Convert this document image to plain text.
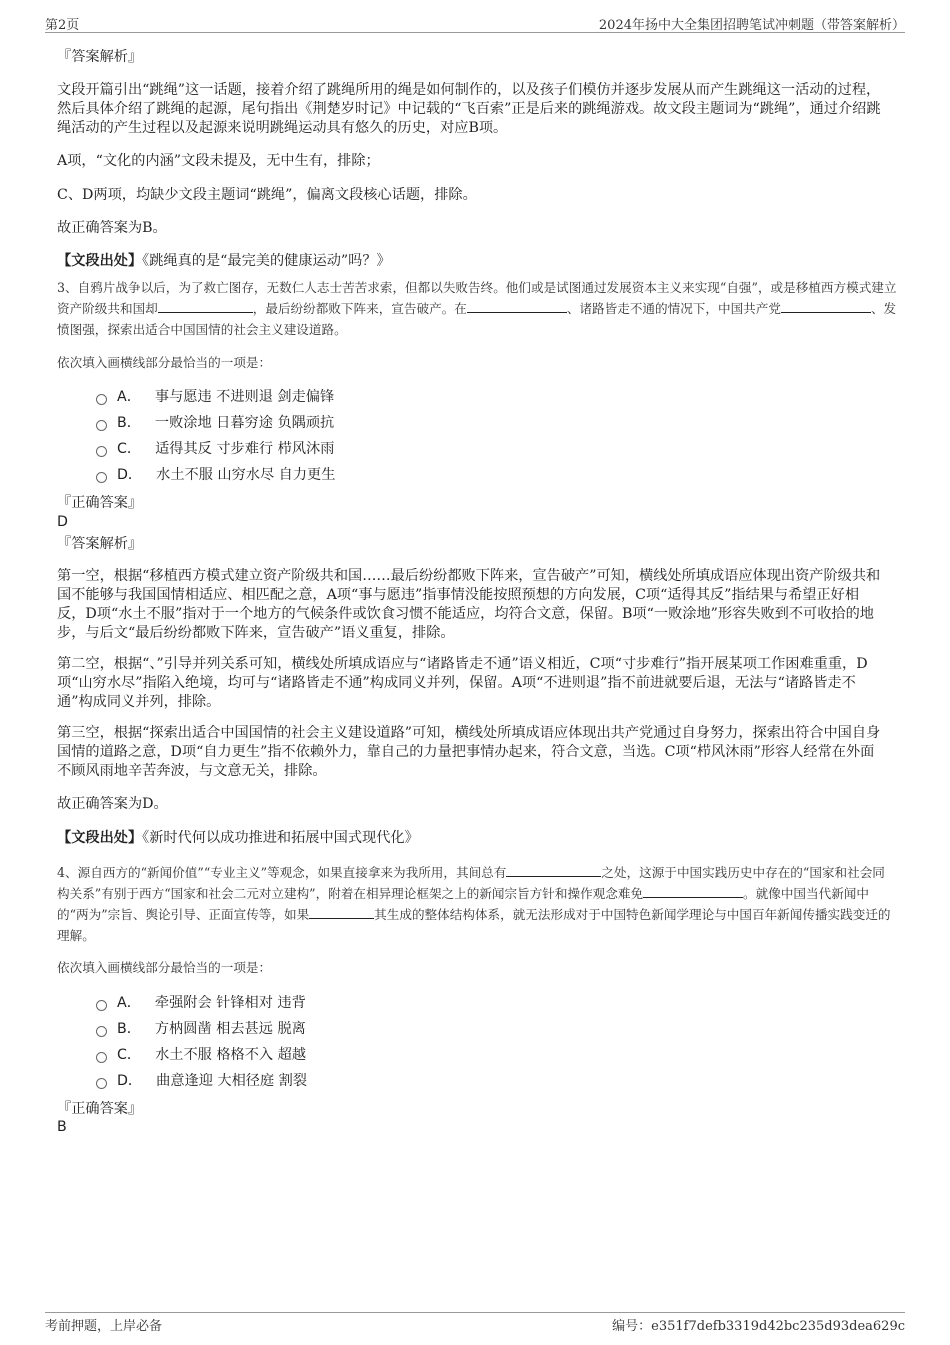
第2页	2024年扬中大全集团招聘笔试冲刺题（带答案解析）
『答案解析』
文段开篇引出“跳绳”这一话题，接着介绍了跳绳所用的绳是如何制作的，以及孩子们模仿并逐步发展从而产生跳绳这一活动的过程，然后具体介绍了跳绳的起源，尾句指出《荆楚岁时记》中记载的“飞百索”正是后来的跳绳游戏。故文段主题词为“跳绳”，通过介绍跳绳活动的产生过程以及起源来说明跳绳运动具有悠久的历史，对应B项。
A项，“文化的内涵”文段未提及，无中生有，排除；
C、D两项，均缺少文段主题词“跳绳”，偏离文段核心话题，排除。
故正确答案为B。
【文段出处】《跳绳真的是“最完美的健康运动”吗？》
3、自鸦片战争以后，为了救亡图存，无数仁人志士苦苦求索，但都以失败告终。他们或是试图通过发展资本主义来实现“自强”，或是移植西方模式建立资产阶级共和国却	，最后纷纷都败下阵来，宣告破产。在	、诸路皆走不通的情况下，中国共产党	、发愤图强，探索出适合中国国情的社会主义建设道路。
依次填入画横线部分最恰当的一项是：
A． 事与愿违 不进则退 剑走偏锋
B． 一败涂地 日暮穷途 负隅顽抗
C． 适得其反 寸步难行 栉风沐雨
D． 水土不服 山穷水尽 自力更生
『正确答案』
D
『答案解析』
第一空，根据“移植西方模式建立资产阶级共和国……最后纷纷都败下阵来，宣告破产”可知，横线处所填成语应体现出资产阶级共和国不能够与我国国情相适应、相匹配之意，A项“事与愿违”指事情没能按照预想的方向发展，C项“适得其反”指结果与希望正好相反，D项“水土不服”指对于一个地方的气候条件或饮食习惯不能适应，均符合文意，保留。B项“一败涂地”形容失败到不可收拾的地步，与后文“最后纷纷都败下阵来，宣告破产”语义重复，排除。
第二空，根据“、”引导并列关系可知，横线处所填成语应与“诸路皆走不通”语义相近，C项“寸步难行”指开展某项工作困难重重，D项“山穷水尽”指陷入绝境，均可与“诸路皆走不通”构成同义并列，保留。A项“不进则退”指不前进就要后退，无法与“诸路皆走不通”构成同义并列，排除。
第三空，根据“探索出适合中国国情的社会主义建设道路”可知，横线处所填成语应体现出共产党通过自身努力，探索出符合中国自身国情的道路之意，D项“自力更生”指不依赖外力，靠自己的力量把事情办起来，符合文意，当选。C项“栉风沐雨”形容人经常在外面不顾风雨地辛苦奔波，与文意无关，排除。
故正确答案为D。
【文段出处】《新时代何以成功推进和拓展中国式现代化》
4、源自西方的“新闻价值”“专业主义”等观念，如果直接拿来为我所用，其间总有	之处，这源于中国实践历史中存在的“国家和社会同构关系”有别于西方“国家和社会二元对立建构”，附着在相异理论框架之上的新闻宗旨方针和操作观念难免	。就像中国当代新闻中的“两为”宗旨、舆论引导、正面宣传等，如果	其生成的整体结构体系，就无法形成对于中国特色新闻学理论与中国百年新闻传播实践变迁的理解。
依次填入画横线部分最恰当的一项是：
A． 牵强附会 针锋相对 违背
B． 方枘圆凿 相去甚远 脱离
C． 水土不服 格格不入 超越
D． 曲意逢迎 大相径庭 割裂
『正确答案』
B
考前押题，上岸必备	编号：e351f7defb3319d42bc235d93dea629c
